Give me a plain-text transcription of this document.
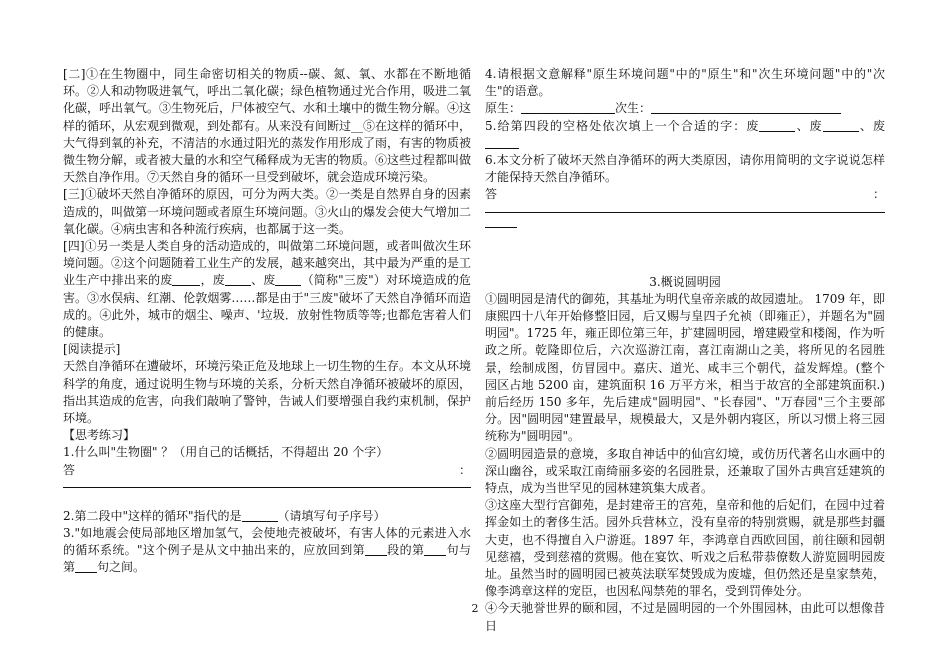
[二]①在生物圈中，同生命密切相关的物质--碳、氮、氧、水都在不断地循环。②人和动物吸进氧气，呼出二氧化碳；绿色植物通过光合作用，吸进二氧化碳，呼出氧气。③生物死后，尸体被空气、水和土壤中的微生物分解。④这样的循环，从宏观到微观，到处都有。从来没有间断过__⑤在这样的循环中，大气得到氧的补充，不清洁的水通过阳光的蒸发作用形成了雨，有害的物质被微生物分解，或者被大量的水和空气稀释成为无害的物质。⑥这些过程都叫做天然自净作用。⑦天然自身的循环一旦受到破坏，就会造成环境污染。

[三]①破坏天然自净循环的原因，可分为两大类。②一类是自然界自身的因素造成的，叫做第一环境问题或者原生环境问题。③火山的爆发会使大气增加二氧化碳。④病虫害和各种流行疾病，也都属于这一类。

[四]①另一类是人类自身的活动造成的，叫做第二环境问题，或者叫做次生环境问题。②这个问题随着工业生产的发展，越来越突出，其中最为严重的是工业生产中排出来的废 ，废 、废 （简称"三废"）对环境造成的危害。③水俣病、红潮、伦敦烟雾……都是由于"三废"破坏了天然自净循环而造成的。④此外，城市的烟尘、噪声、'垃圾．放射性物质等等;也都危害着人们的健康。

[阅读提示]

天然自净循环在遭破坏，环境污染正危及地球上一切生物的生存。本文从环境科学的角度，通过说明生物与环境的关系，分析天然自净循环被破坏的原因，指出其造成的危害，向我们敲响了警钟，告诫人们要增强自我约束机制，保护环境。

【思考练习】

1.什么叫"生物圈" ？（用自己的话概括，不得超出 20 个字）

答	：

2.第二段中"这样的循环"指代的是	（请填写句子序号）

3."如地震会使局部地区增加氢气，会使地壳被破坏，有害人体的元素进入水的循环系统。"这个例子是从文中抽出来的，应放回到第 段的第 句与第 句之间。

4.请根据文意解释"原生环境问题"中的"原生"和"次生环境问题"中的"次生"的语意。

原生：	次生：

5.给第四段的空格处依次填上一个合适的字：废	、废	、废

6.本文分析了破坏天然自净循环的两大类原因，请你用简明的文字说说怎样才能保持天然自净循环。

答	：

3.概说圆明园

①圆明园是清代的御苑，其基址为明代皇帝亲戚的故园遗址。 1709 年，即康熙四十八年开始修整旧园，后又赐与皇四子允祯（即雍正），并题名为"圆明园"。1725 年，雍正即位第三年，扩建圆明园，增建殿堂和楼阁，作为听政之所。乾隆即位后，六次巡游江南，喜江南湖山之美，将所见的名园胜景，绘制成图，仿冒园中。嘉庆、道光、咸丰三个朝代，益发辉煌。(整个园区占地 5200 亩，建筑面积 16 万平方米，相当于故宫的全部建筑面积.)前后经历 150 多年，先后建成"圆明园"、"长春园"、"万春园"三个主要部分。因"圆明园"建置最早，规模最大，又是外朝内寝区，所以习惯上将三园统称为"圆明园"。

②圆明园造景的意境，多取自神话中的仙宫幻境，或仿历代著名山水画中的深山幽谷，或采取江南绮丽多姿的名园胜景，还兼取了国外古典宫廷建筑的特点，成为当世罕见的园林建筑集大成者。

③这座大型行宫御苑，是封建帝王的宫苑，皇帝和他的后妃们，在园中过着挥金如土的奢侈生活。园外兵营林立，没有皇帝的特别赏赐，就是那些封疆大吏，也不得擅自入户游逛。1897 年，李鸿章自西欧回国，前往颐和园朝见慈禧，受到慈禧的赏赐。他在宴饮、听戏之后私带恭僚数人游览圆明园废址。虽然当时的圆明园已被英法联军焚毁成为废墟，但仍然还是皇家禁苑，像李鸿章这样的宠臣，也因私闯禁苑的罪名，受到罚俸处分。

④今天驰誉世界的颐和园，不过是圆明园的一个外围园林，由此可以想像昔日

2
